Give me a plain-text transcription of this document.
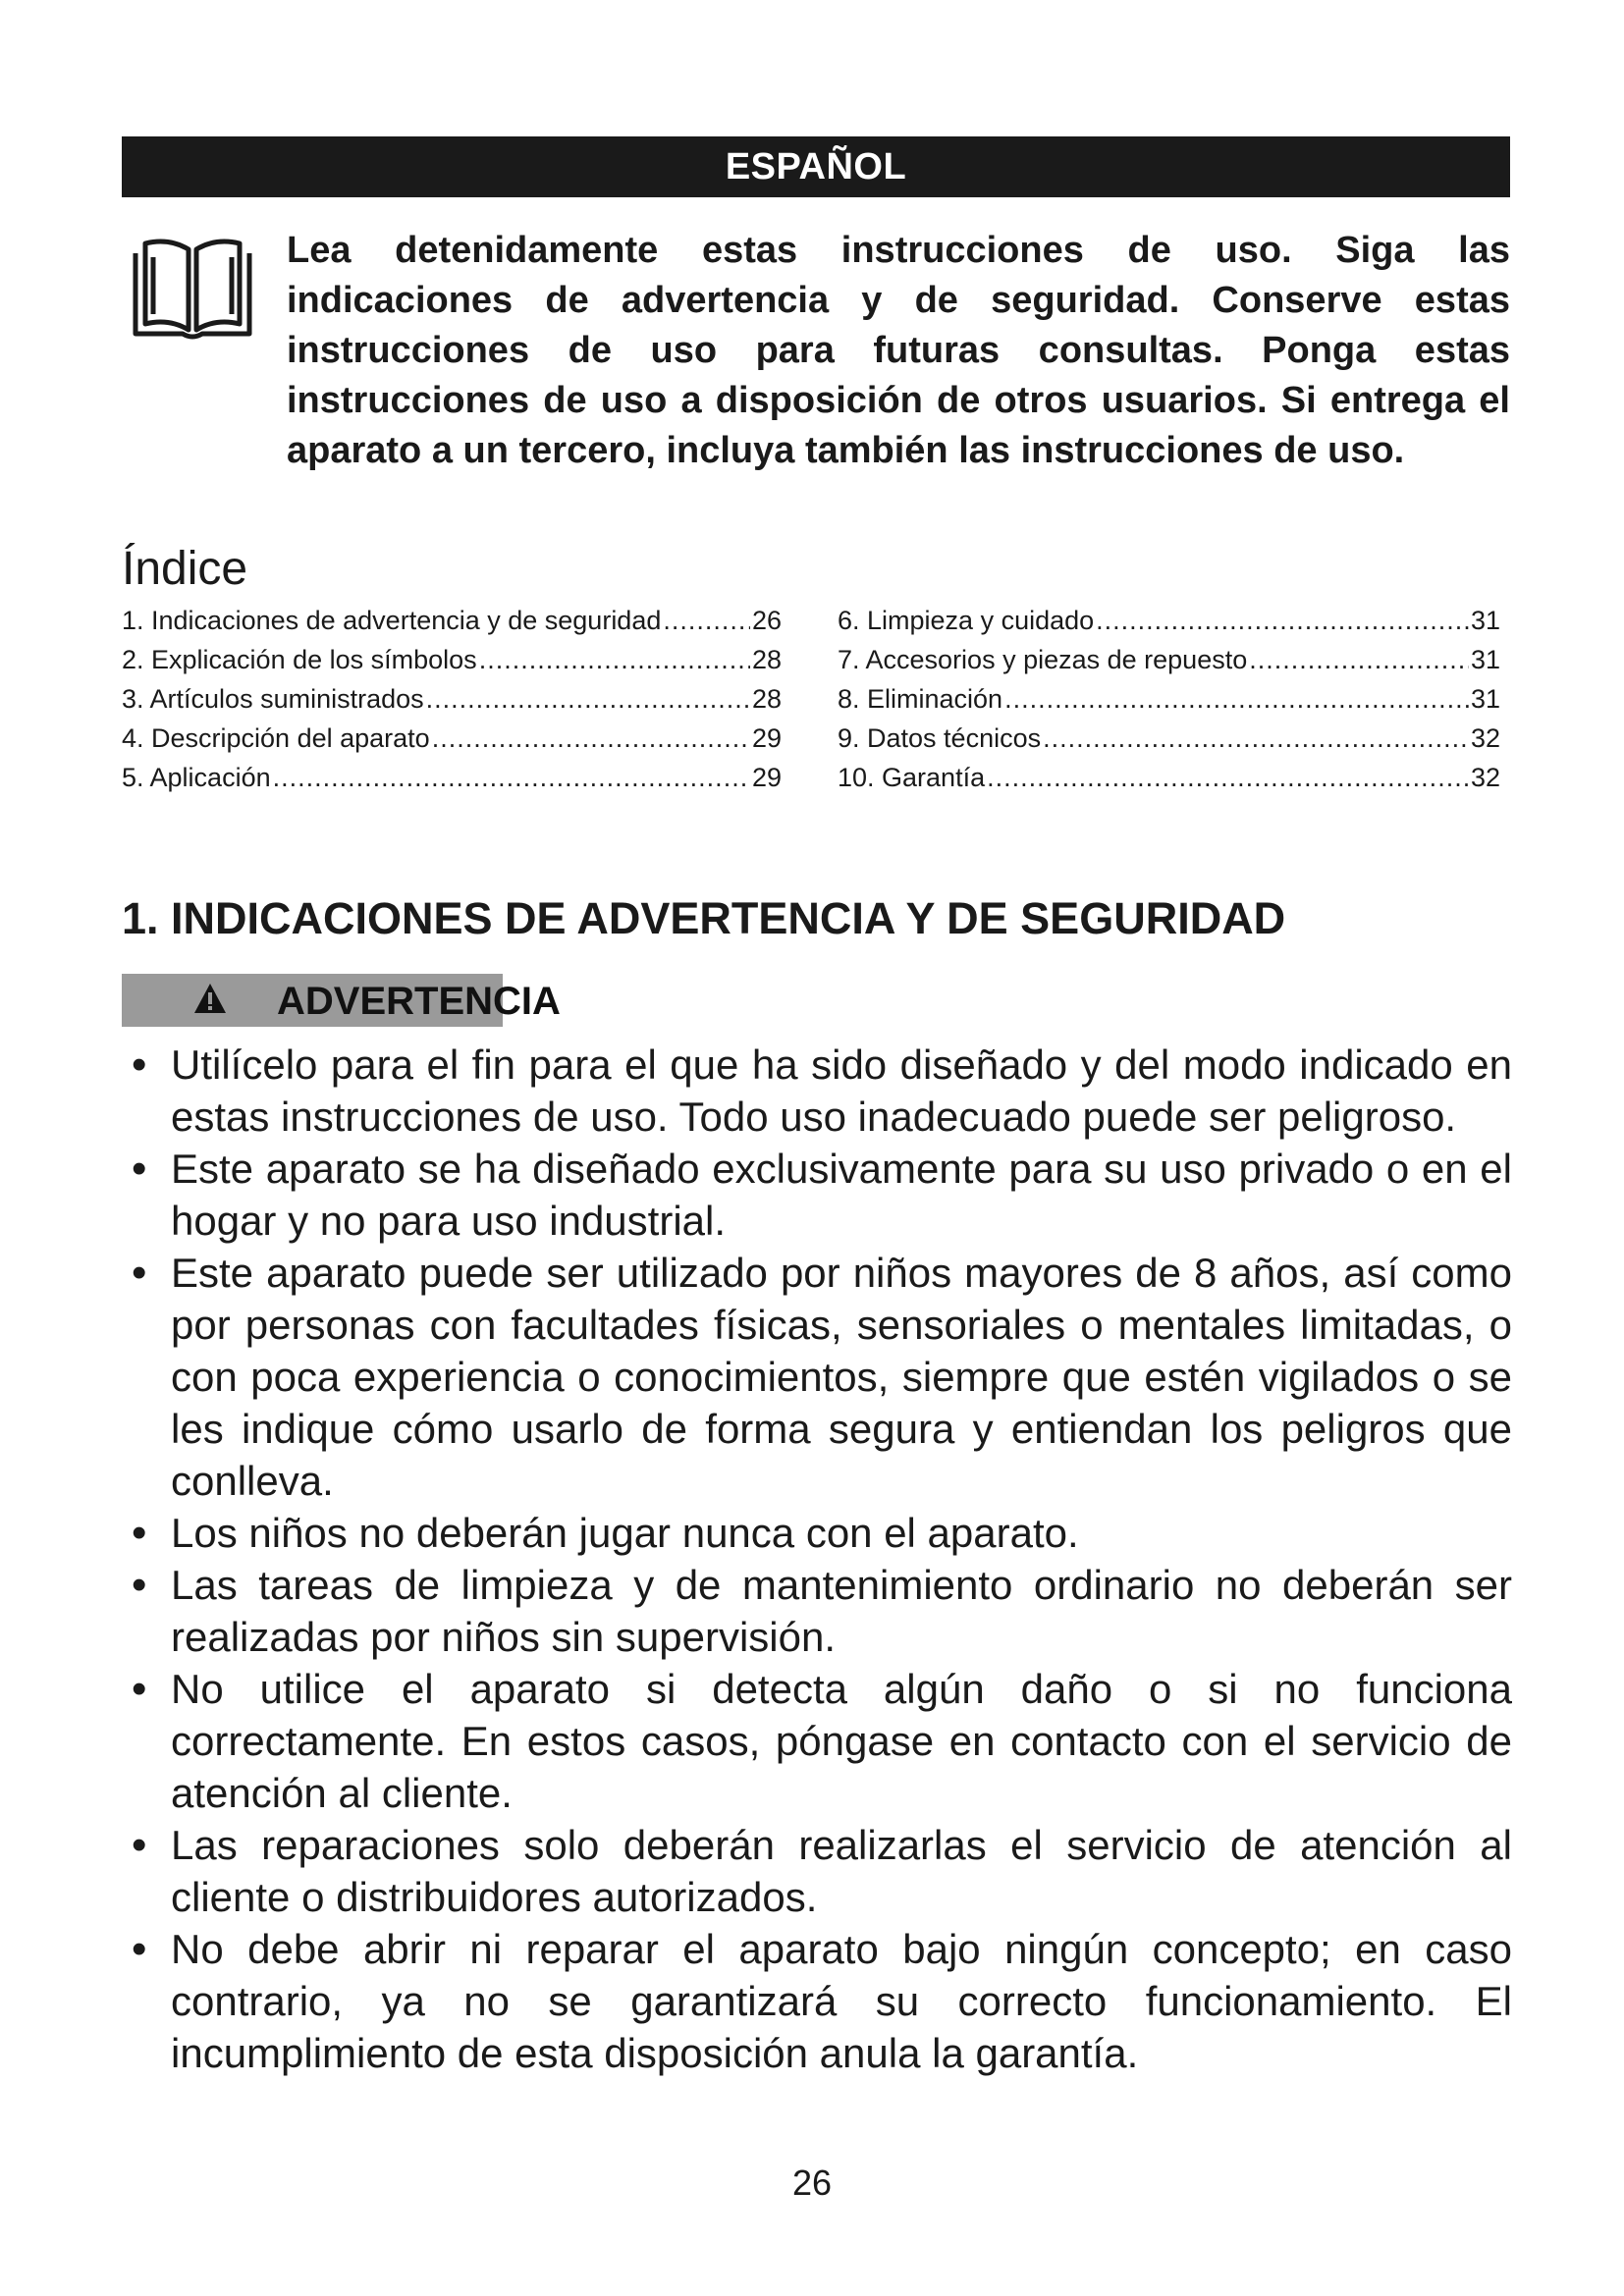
ESPAÑOL
Lea detenidamente estas instrucciones de uso. Siga las indicaciones de advertencia y de seguridad. Conserve estas instrucciones de uso para futuras consultas. Ponga estas instrucciones de uso a disposición de otros usuarios. Si entrega el aparato a un tercero, incluya también las instrucciones de uso.
Índice
1. Indicaciones de advertencia y de seguridad .....	26
2. Explicación de los símbolos .....	28
3. Artículos suministrados .....	28
4. Descripción del aparato .....	29
5. Aplicación .....	29
6. Limpieza y cuidado .....	31
7. Accesorios y piezas de repuesto .....	31
8. Eliminación .....	31
9. Datos técnicos .....	32
10. Garantía .....	32
1. INDICACIONES DE ADVERTENCIA Y DE SEGURIDAD
ADVERTENCIA
• Utilícelo para el fin para el que ha sido diseñado y del modo indicado en estas instrucciones de uso. Todo uso inadecuado puede ser peligroso.
• Este aparato se ha diseñado exclusivamente para su uso privado o en el hogar y no para uso industrial.
• Este aparato puede ser utilizado por niños mayores de 8 años, así como por personas con facultades físicas, sensoriales o mentales limitadas, o con poca experiencia o conocimientos, siempre que estén vigilados o se les indique cómo usarlo de forma segura y entiendan los peligros que conlleva.
• Los niños no deberán jugar nunca con el aparato.
• Las tareas de limpieza y de mantenimiento ordinario no deberán ser realizadas por niños sin supervisión.
• No utilice el aparato si detecta algún daño o si no funciona correctamente. En estos casos, póngase en contacto con el servicio de atención al cliente.
• Las reparaciones solo deberán realizarlas el servicio de atención al cliente o distribuidores autorizados.
• No debe abrir ni reparar el aparato bajo ningún concepto; en caso contrario, ya no se garantizará su correcto funcionamiento. El incumplimiento de esta disposición anula la garantía.
26
